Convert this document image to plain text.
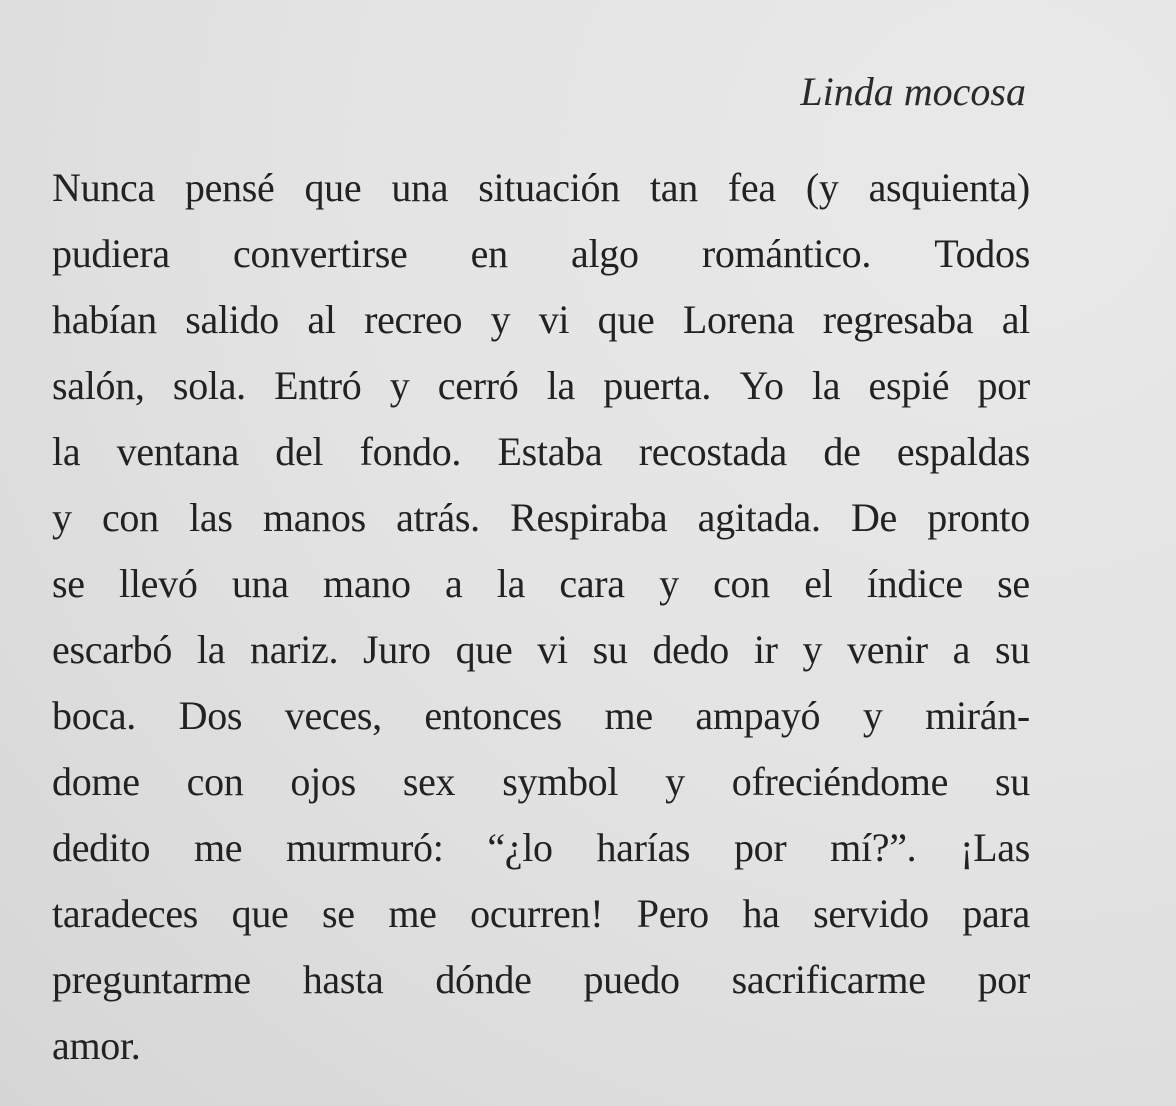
Linda mocosa
Nunca pensé que una situación tan fea (y asquienta)
pudiera convertirse en algo romántico. Todos
habían salido al recreo y vi que Lorena regresaba al
salón, sola. Entró y cerró la puerta. Yo la espié por
la ventana del fondo. Estaba recostada de espaldas
y con las manos atrás. Respiraba agitada. De pronto
se llevó una mano a la cara y con el índice se
escarbó la nariz. Juro que vi su dedo ir y venir a su
boca. Dos veces, entonces me ampayó y mirán-
dome con ojos sex symbol y ofreciéndome su
dedito me murmuró: “¿lo harías por mí?”. ¡Las
taradeces que se me ocurren! Pero ha servido para
preguntarme hasta dónde puedo sacrificarme por
amor.
